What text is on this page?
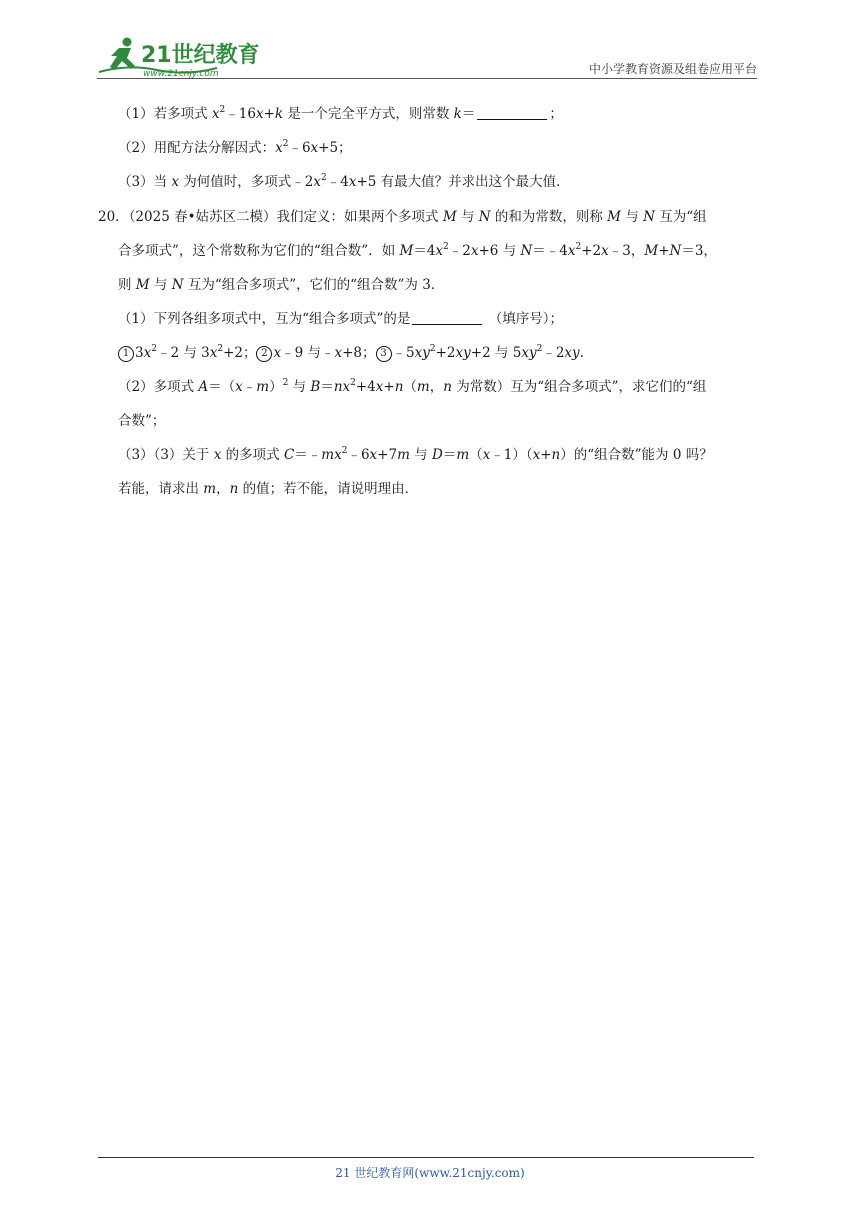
21世纪教育
www.21cnjy.com	中小学教育资源及组卷应用平台
（1）若多项式 $x^2﹣16x+k$ 是一个完全平方式，则常数 k＝	；
（2）用配方法分解因式：$x^2﹣6x+5$；
（3）当 x 为何值时，多项式$﹣2x^2﹣4x+5$ 有最大值？并求出这个最大值．
20．（2025 春•姑苏区二模）我们定义：如果两个多项式 M 与 N 的和为常数，则称 M 与 N 互为“组
合多项式”，这个常数称为它们的“组合数”．如 $M=4x^2﹣2x+6$ 与 $N=﹣4x^2+2x﹣3$，M+N＝3，
则 M 与 N 互为“组合多项式”，它们的“组合数”为 3．
（1）下列各组多项式中，互为“组合多项式”的是	（填序号）；
1 $3x^2﹣2$ 与 $3x^2+2$； 2 x﹣9 与﹣x+8； 3 $﹣5xy^2+2xy+2$ 与 $5xy^2﹣2xy$.
（2）多项式 A＝（x﹣m）$^2$ 与 $B=nx^2+4x+n(m$，n 为常数）互为“组合多项式”，求它们的“组
合数”；
（3）（3）关于 x 的多项式 $C=﹣mx^2﹣6x+7m$ 与 D＝m（x﹣1）（x+n）的“组合数”能为 0 吗？
若能，请求出 m，n 的值；若不能，请说明理由．
21 世纪教育网(www.21cnjy.com)
